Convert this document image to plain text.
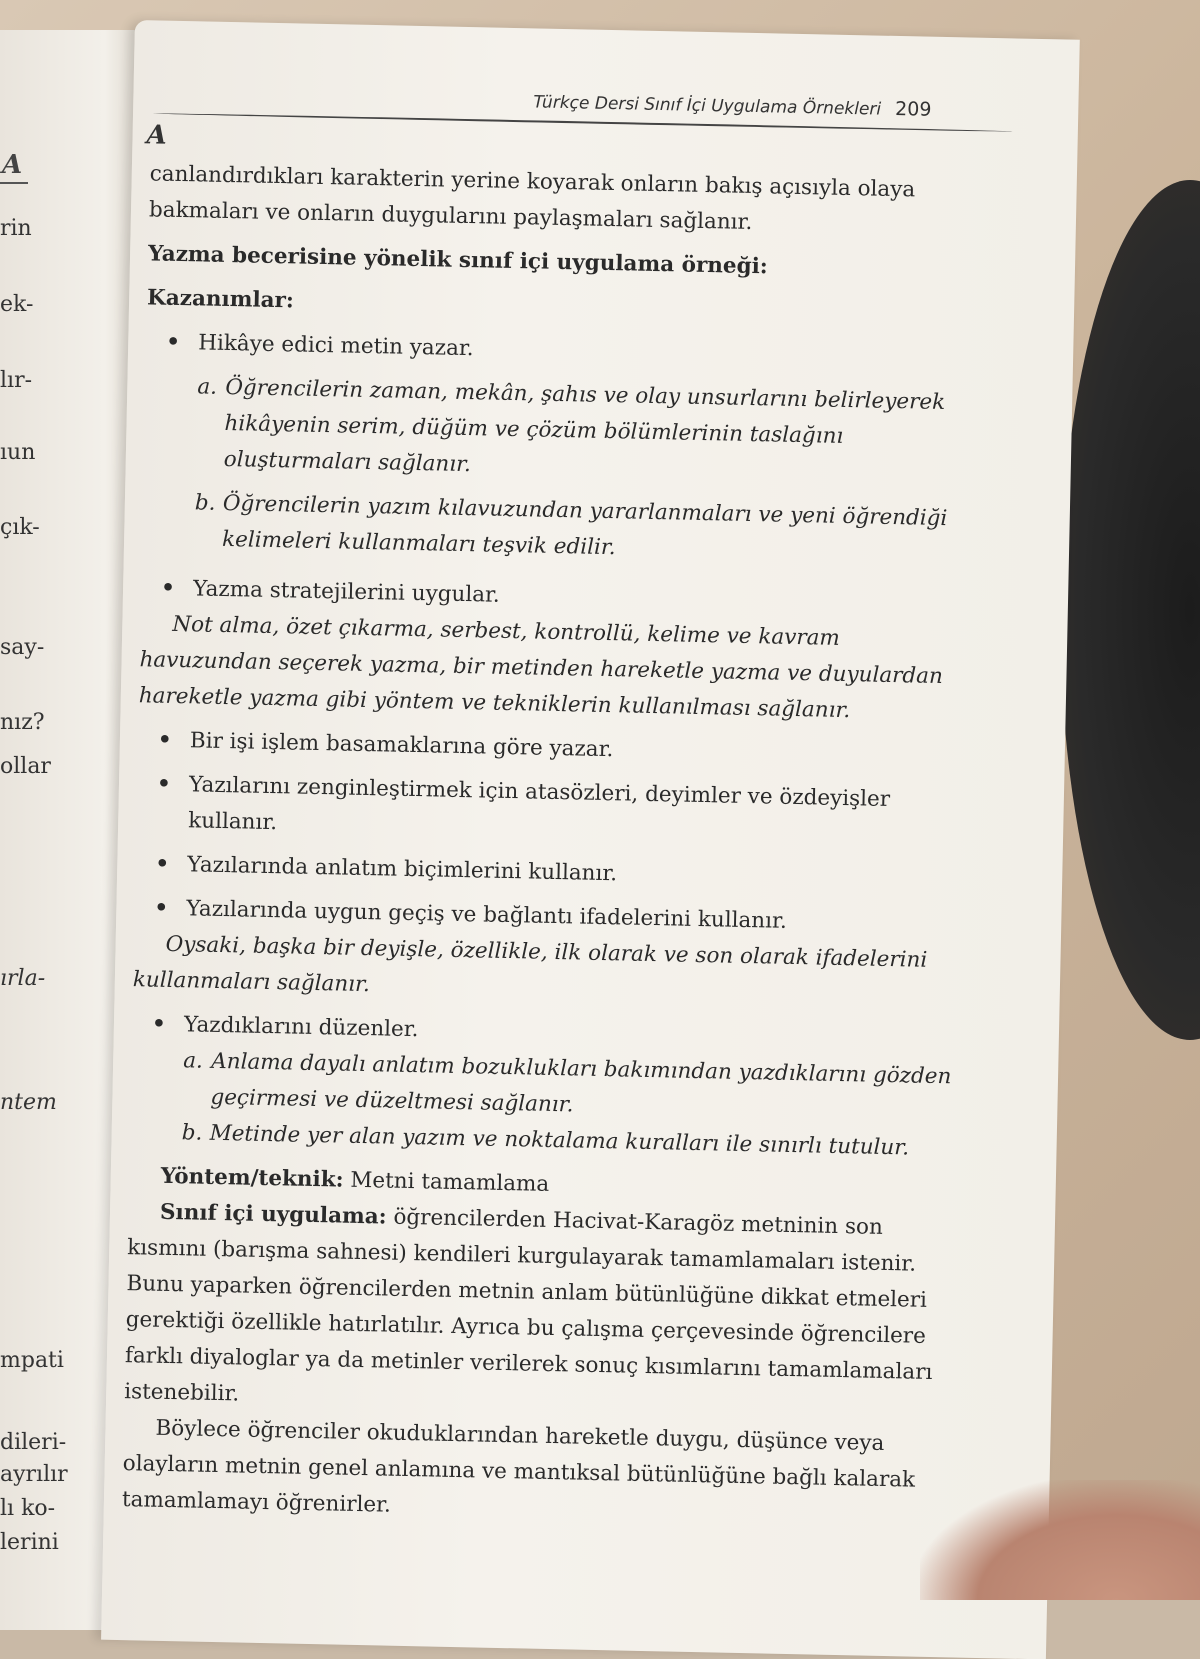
A
rin
ek-
lır-
ıun
çık-
say-
nız?
ollar
ırla-
ntem
mpati
dileri-
ayrılır
lı ko-
lerini
Türkçe Dersi Sınıf İçi Uygulama Örnekleri 209
A

canlandırdıkları karakterin yerine koyarak onların bakış açısıyla olaya bakmaları ve onların duygularını paylaşmaları sağlanır.

Yazma becerisine yönelik sınıf içi uygulama örneği:

Kazanımlar:

• Hikâye edici metin yazar.

a. Öğrencilerin zaman, mekân, şahıs ve olay unsurlarını belirleyerek hikâyenin serim, düğüm ve çözüm bölümlerinin taslağını oluşturmaları sağlanır.

b. Öğrencilerin yazım kılavuzundan yararlanmaları ve yeni öğrendiği kelimeleri kullanmaları teşvik edilir.

• Yazma stratejilerini uygular.

Not alma, özet çıkarma, serbest, kontrollü, kelime ve kavram havuzundan seçerek yazma, bir metinden hareketle yazma ve duyulardan hareketle yazma gibi yöntem ve tekniklerin kullanılması sağlanır.

• Bir işi işlem basamaklarına göre yazar.

• Yazılarını zenginleştirmek için atasözleri, deyimler ve özdeyişler kullanır.

• Yazılarında anlatım biçimlerini kullanır.

• Yazılarında uygun geçiş ve bağlantı ifadelerini kullanır.

Oysaki, başka bir deyişle, özellikle, ilk olarak ve son olarak ifadelerini kullanmaları sağlanır.

• Yazdıklarını düzenler.

a. Anlama dayalı anlatım bozuklukları bakımından yazdıklarını gözden geçirmesi ve düzeltmesi sağlanır.

b. Metinde yer alan yazım ve noktalama kuralları ile sınırlı tutulur.

Yöntem/teknik: Metni tamamlama

Sınıf içi uygulama: öğrencilerden Hacivat-Karagöz metninin son kısmını (barışma sahnesi) kendileri kurgulayarak tamamlamaları istenir. Bunu yaparken öğrencilerden metnin anlam bütünlüğüne dikkat etmeleri gerektiği özellikle hatırlatılır. Ayrıca bu çalışma çerçevesinde öğrencilere farklı diyaloglar ya da metinler verilerek sonuç kısımlarını tamamlamaları istenebilir.

Böylece öğrenciler okuduklarından hareketle duygu, düşünce veya olayların metnin genel anlamına ve mantıksal bütünlüğüne bağlı kalarak tamamlamayı öğrenirler.
